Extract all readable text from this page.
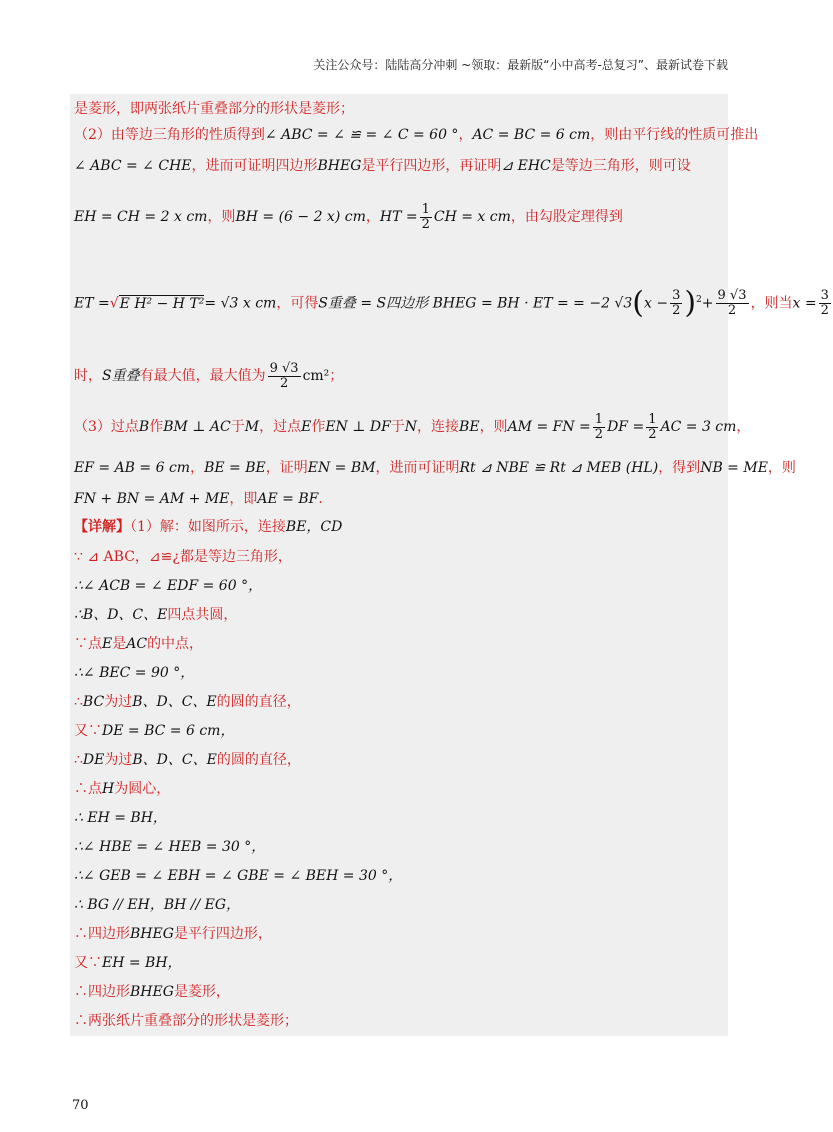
关注公众号：陆陆高分冲刺 ~领取：最新版“小中高考-总复习”、最新试卷下载
是菱形，即两张纸片重叠部分的形状是菱形；
（2）由等边三角形的性质得到∠ ABC = ∠ ≌ = ∠ C = 60 °，AC = BC = 6 cm，则由平行线的性质可推出
∠ ABC = ∠ CHE，进而可证明四边形BHEG是平行四边形，再证明⊿ EHC是等边三角形，则可设
EH = CH = 2 x cm，则BH = (6 − 2 x) cm，HT = $\frac{1}{2}$ CH = x cm，由勾股定理得到
ET =√E H² − H T²= √3 x cm，可得S重叠 = S四边形 BHEG = BH · ET = = −2 $√3(x - \frac{3}{2} )^2+ \frac{9 √3}{2}$ ，则当$x = \frac{3}{2}$
时，S重叠有最大值，最大值为 $\frac{9 √3}{2} cm^2$；
（3）过点B作BM ⊥ AC于M，过点E作EN ⊥ DF于N，连接BE，则AM = FN = $\frac{1}{2}$ DF = $\frac{1}{2}$ AC = 3 cm，
EF = AB = 6 cm，BE = BE，证明EN = BM，进而可证明Rt ⊿ NBE ≌ Rt ⊿ MEB (HL)，得到NB = ME，则
FN + BN = AM + ME，即AE = BF.
【详解】（1）解：如图所示，连接BE，CD
∵ ⊿ ABC，⊿≌¿都是等边三角形，
∴∠ ACB = ∠ EDF = 60 °，
∴B、D、C、E四点共圆，
∵点E是AC的中点，
∴∠ BEC = 90 °，
∴BC为过B、D、C、E的圆的直径，
又∵DE = BC = 6 cm，
∴DE为过B、D、C、E的圆的直径，
∴点H为圆心，
∴ EH = BH，
∴∠ HBE = ∠ HEB = 30 °，
∴∠ GEB = ∠ EBH = ∠ GBE = ∠ BEH = 30 °，
∴ BG // EH，BH // EG，
∴四边形BHEG是平行四边形，
又∵EH = BH，
∴四边形BHEG是菱形，
∴两张纸片重叠部分的形状是菱形；
70
